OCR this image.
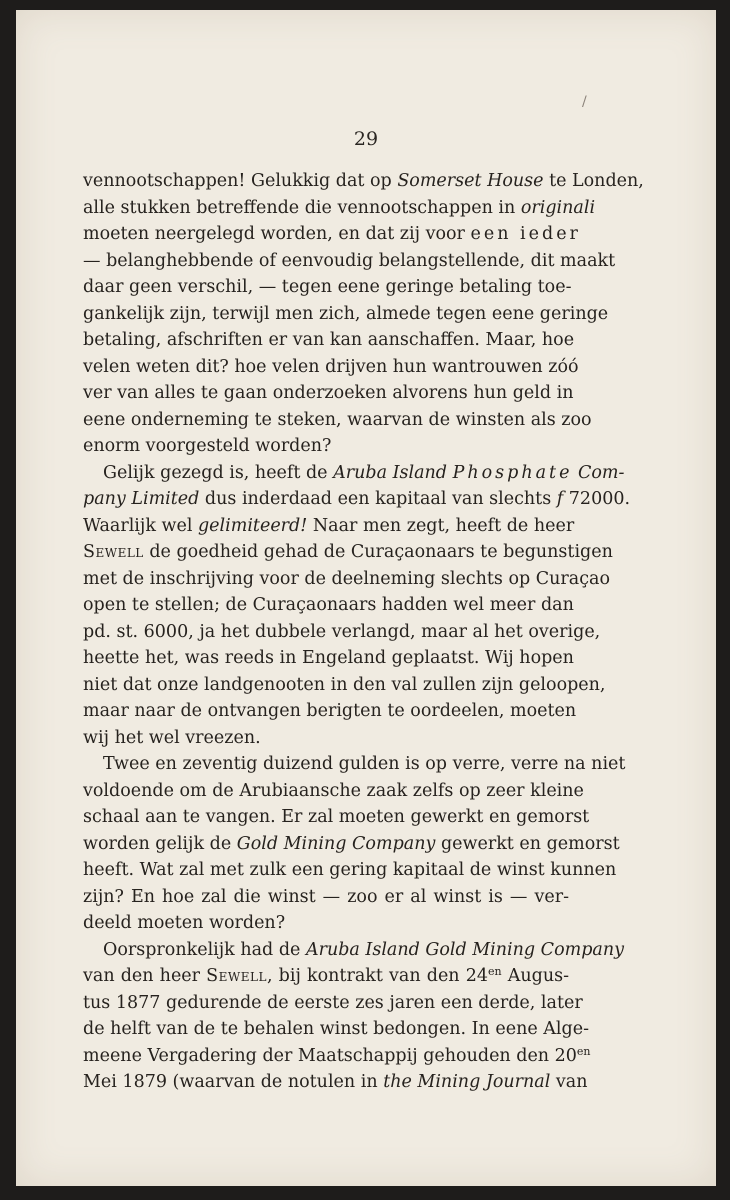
29
vennootschappen! Gelukkig dat op Somerset House te Londen,
alle stukken betreffende die vennootschappen in originali
moeten neergelegd worden, en dat zij voor een ieder
— belanghebbende of eenvoudig belangstellende, dit maakt
daar geen verschil, — tegen eene geringe betaling toe-
gankelijk zijn, terwijl men zich, almede tegen eene geringe
betaling, afschriften er van kan aanschaffen. Maar, hoe
velen weten dit? hoe velen drijven hun wantrouwen zóó
ver van alles te gaan onderzoeken alvorens hun geld in
eene onderneming te steken, waarvan de winsten als zoo
enorm voorgesteld worden?
Gelijk gezegd is, heeft de Aruba Island Phosphate Com-
pany Limited dus inderdaad een kapitaal van slechts f 72000.
Waarlijk wel gelimiteerd! Naar men zegt, heeft de heer
Sewell de goedheid gehad de Curaçaonaars te begunstigen
met de inschrijving voor de deelneming slechts op Curaçao
open te stellen; de Curaçaonaars hadden wel meer dan
pd. st. 6000, ja het dubbele verlangd, maar al het overige,
heette het, was reeds in Engeland geplaatst. Wij hopen
niet dat onze landgenooten in den val zullen zijn geloopen,
maar naar de ontvangen berigten te oordeelen, moeten
wij het wel vreezen.
Twee en zeventig duizend gulden is op verre, verre na niet
voldoende om de Arubiaansche zaak zelfs op zeer kleine
schaal aan te vangen. Er zal moeten gewerkt en gemorst
worden gelijk de Gold Mining Company gewerkt en gemorst
heeft. Wat zal met zulk een gering kapitaal de winst kunnen
zijn? En hoe zal die winst — zoo er al winst is — ver-
deeld moeten worden?
Oorspronkelijk had de Aruba Island Gold Mining Company
van den heer Sewell, bij kontrakt van den $24^{en}$ Augus-
tus 1877 gedurende de eerste zes jaren een derde, later
de helft van de te behalen winst bedongen. In eene Alge-
meene Vergadering der Maatschappij gehouden den $20^{en}$
Mei 1879 (waarvan de notulen in the Mining Journal van
/
